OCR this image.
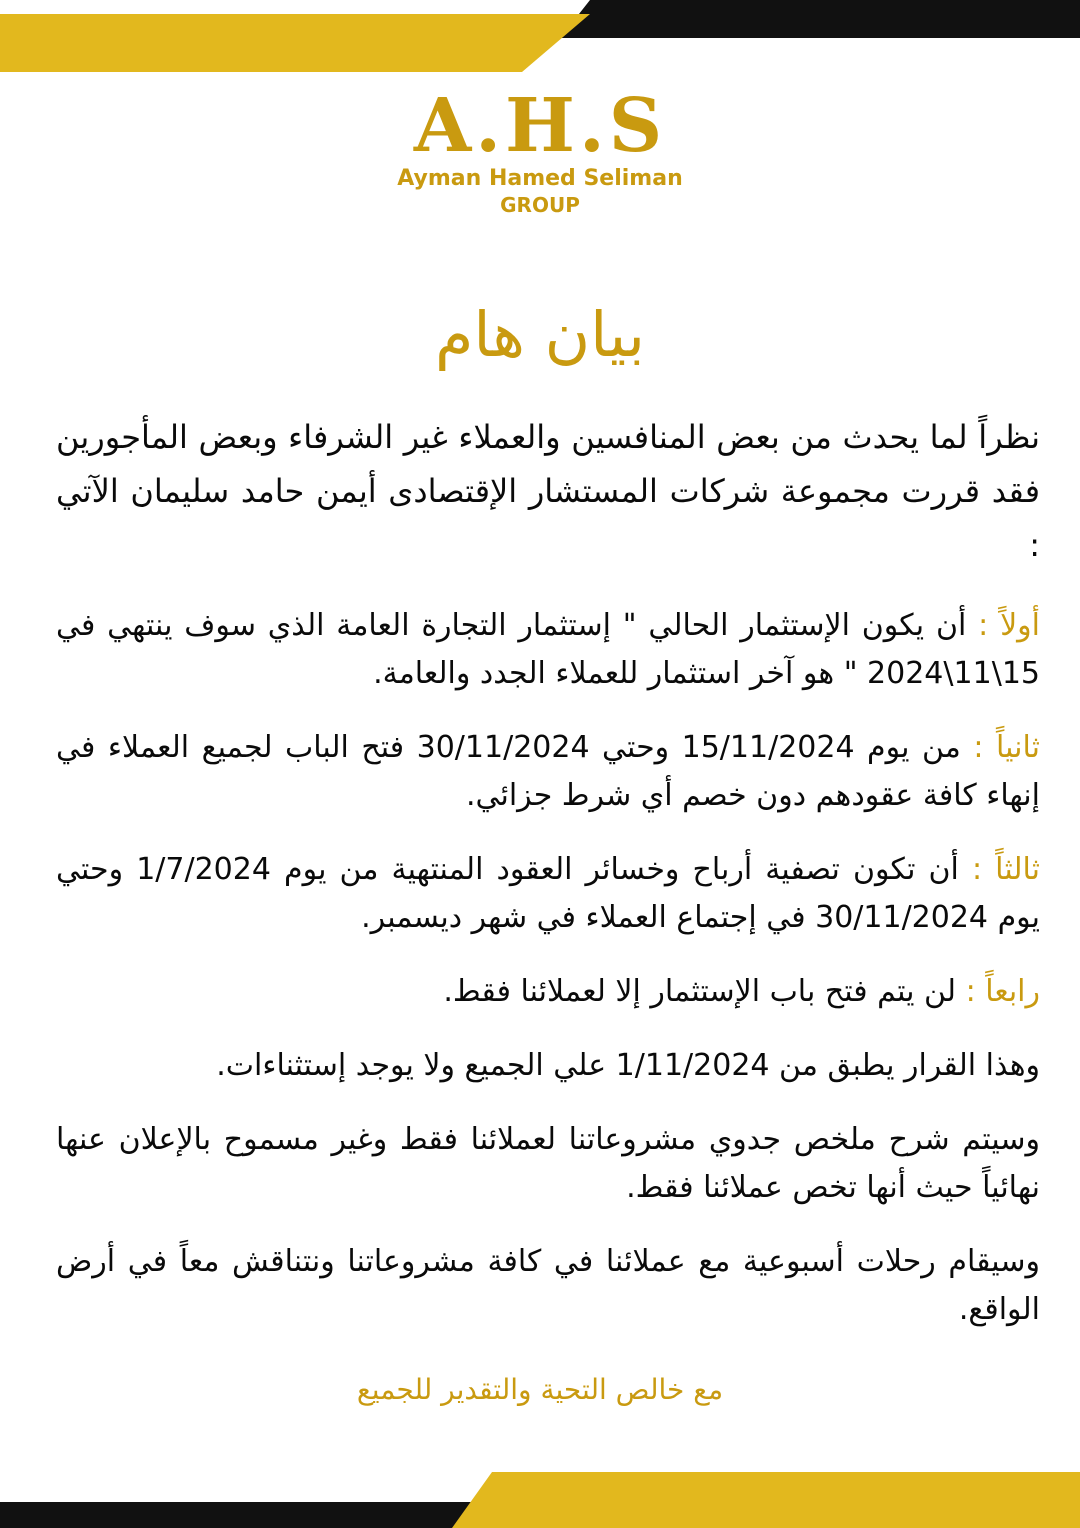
A.H.S
Ayman Hamed Seliman
GROUP
بيان هام

نظراً لما يحدث من بعض المنافسين والعملاء غير الشرفاء وبعض المأجورين فقد قررت مجموعة شركات المستشار الإقتصادى أيمن حامد سليمان الآتي :

أولاً : أن يكون الإستثمار الحالي " إستثمار التجارة العامة الذي سوف ينتهي في 15\11\2024 " هو آخر استثمار للعملاء الجدد والعامة.

ثانياً : من يوم 15/11/2024 وحتي 30/11/2024 فتح الباب لجميع العملاء في إنهاء كافة عقودهم دون خصم أي شرط جزائي.

ثالثاً : أن تكون تصفية أرباح وخسائر العقود المنتهية من يوم 1/7/2024 وحتي يوم 30/11/2024 في إجتماع العملاء في شهر ديسمبر.

رابعاً : لن يتم فتح باب الإستثمار إلا لعملائنا فقط.

وهذا القرار يطبق من 1/11/2024 علي الجميع ولا يوجد إستثناءات.

وسيتم شرح ملخص جدوي مشروعاتنا لعملائنا فقط وغير مسموح بالإعلان عنها نهائياً حيث أنها تخص عملائنا فقط.

وسيقام رحلات أسبوعية مع عملائنا في كافة مشروعاتنا ونتناقش معاً في أرض الواقع.

مع خالص التحية والتقدير للجميع
